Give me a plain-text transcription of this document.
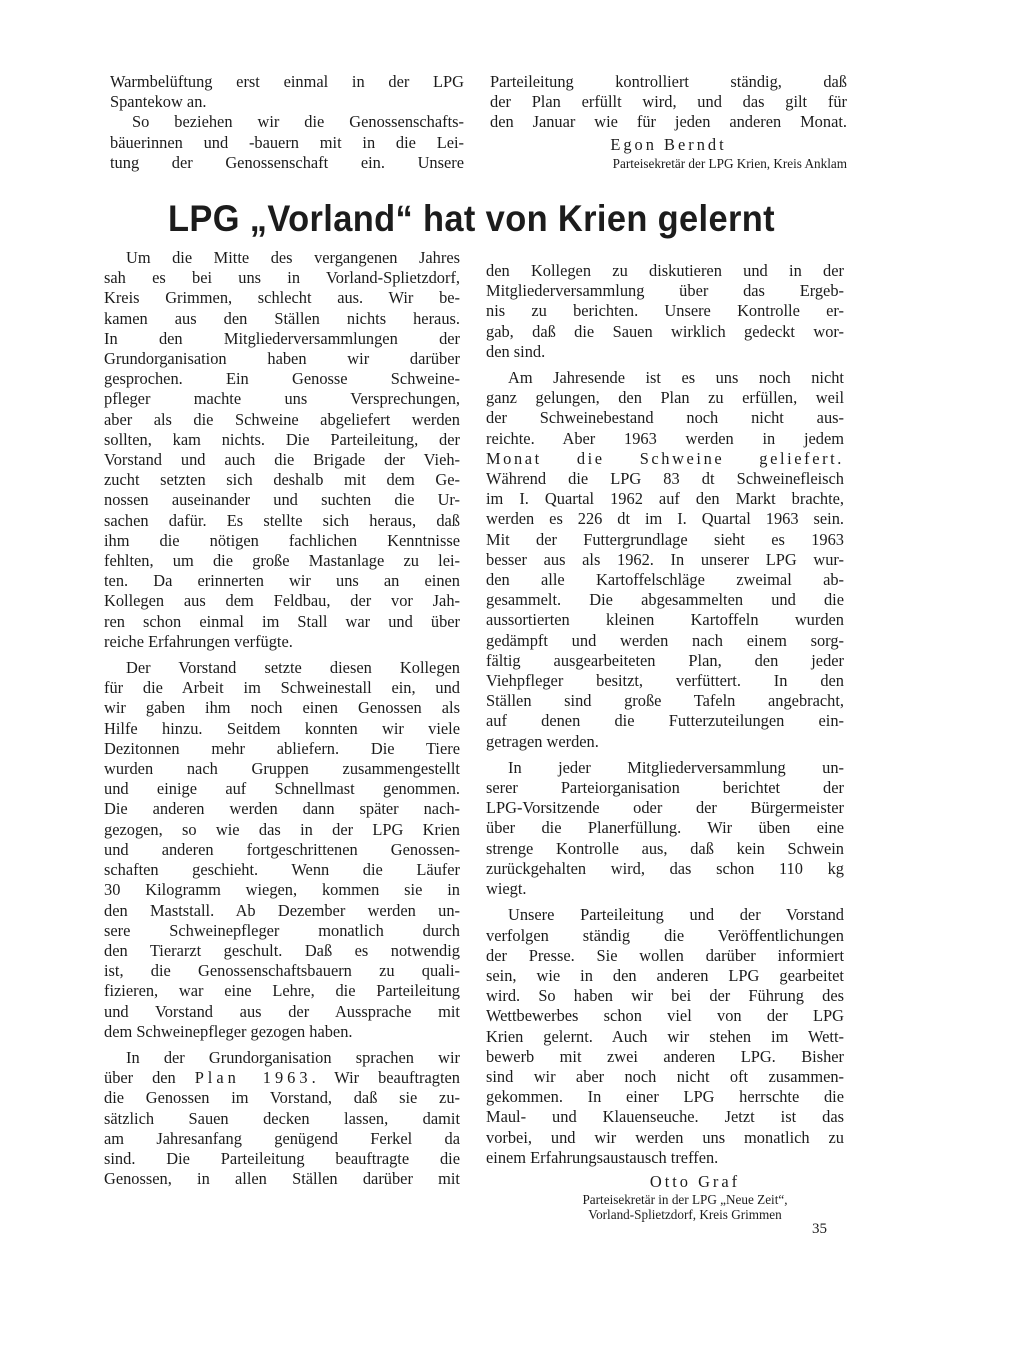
Warmbelüftung erst einmal in der LPG

Spantekow an.

So beziehen wir die Genossenschafts-

bäuerinnen und -bauern mit in die Lei-

tung der Genossenschaft ein. Unsere

Parteileitung kontrolliert ständig, daß

der Plan erfüllt wird, und das gilt für

den Januar wie für jeden anderen Monat.

Egon Berndt
Parteisekretär der LPG Krien, Kreis Anklam
LPG „Vorland“ hat von Krien gelernt

Um die Mitte des vergangenen Jahres

sah es bei uns in Vorland-Splietzdorf,

Kreis Grimmen, schlecht aus. Wir be-

kamen aus den Ställen nichts heraus.

In den Mitgliederversammlungen der

Grundorganisation haben wir darüber

gesprochen. Ein Genosse Schweine-

pfleger machte uns Versprechungen,

aber als die Schweine abgeliefert werden

sollten, kam nichts. Die Parteileitung, der

Vorstand und auch die Brigade der Vieh-

zucht setzten sich deshalb mit dem Ge-

nossen auseinander und suchten die Ur-

sachen dafür. Es stellte sich heraus, daß

ihm die nötigen fachlichen Kenntnisse

fehlten, um die große Mastanlage zu lei-

ten. Da erinnerten wir uns an einen

Kollegen aus dem Feldbau, der vor Jah-

ren schon einmal im Stall war und über

reiche Erfahrungen verfügte.

Der Vorstand setzte diesen Kollegen

für die Arbeit im Schweinestall ein, und

wir gaben ihm noch einen Genossen als

Hilfe hinzu. Seitdem konnten wir viele

Dezitonnen mehr abliefern. Die Tiere

wurden nach Gruppen zusammengestellt

und einige auf Schnellmast genommen.

Die anderen werden dann später nach-

gezogen, so wie das in der LPG Krien

und anderen fortgeschrittenen Genossen-

schaften geschieht. Wenn die Läufer

30 Kilogramm wiegen, kommen sie in

den Maststall. Ab Dezember werden un-

sere Schweinepfleger monatlich durch

den Tierarzt geschult. Daß es notwendig

ist, die Genossenschaftsbauern zu quali-

fizieren, war eine Lehre, die Parteileitung

und Vorstand aus der Aussprache mit

dem Schweinepfleger gezogen haben.

In der Grundorganisation sprachen wir

über den Plan 1963. Wir beauftragten

die Genossen im Vorstand, daß sie zu-

sätzlich Sauen decken lassen, damit

am Jahresanfang genügend Ferkel da

sind. Die Parteileitung beauftragte die

Genossen, in allen Ställen darüber mit

den Kollegen zu diskutieren und in der

Mitgliederversammlung über das Ergeb-

nis zu berichten. Unsere Kontrolle er-

gab, daß die Sauen wirklich gedeckt wor-

den sind.

Am Jahresende ist es uns noch nicht

ganz gelungen, den Plan zu erfüllen, weil

der Schweinebestand noch nicht aus-

reichte. Aber 1963 werden in jedem

Monat die Schweine geliefert.

Während die LPG 83 dt Schweinefleisch

im I. Quartal 1962 auf den Markt brachte,

werden es 226 dt im I. Quartal 1963 sein.

Mit der Futtergrundlage sieht es 1963

besser aus als 1962. In unserer LPG wur-

den alle Kartoffelschläge zweimal ab-

gesammelt. Die abgesammelten und die

aussortierten kleinen Kartoffeln wurden

gedämpft und werden nach einem sorg-

fältig ausgearbeiteten Plan, den jeder

Viehpfleger besitzt, verfüttert. In den

Ställen sind große Tafeln angebracht,

auf denen die Futterzuteilungen ein-

getragen werden.

In jeder Mitgliederversammlung un-

serer Parteiorganisation berichtet der

LPG-Vorsitzende oder der Bürgermeister

über die Planerfüllung. Wir üben eine

strenge Kontrolle aus, daß kein Schwein

zurückgehalten wird, das schon 110 kg

wiegt.

Unsere Parteileitung und der Vorstand

verfolgen ständig die Veröffentlichungen

der Presse. Sie wollen darüber informiert

sein, wie in den anderen LPG gearbeitet

wird. So haben wir bei der Führung des

Wettbewerbes schon viel von der LPG

Krien gelernt. Auch wir stehen im Wett-

bewerb mit zwei anderen LPG. Bisher

sind wir aber noch nicht oft zusammen-

gekommen. In einer LPG herrschte die

Maul- und Klauenseuche. Jetzt ist das

vorbei, und wir werden uns monatlich zu

einem Erfahrungsaustausch treffen.

Otto Graf
Parteisekretär in der LPG „Neue Zeit“,
Vorland-Splietzdorf, Kreis Grimmen
35
